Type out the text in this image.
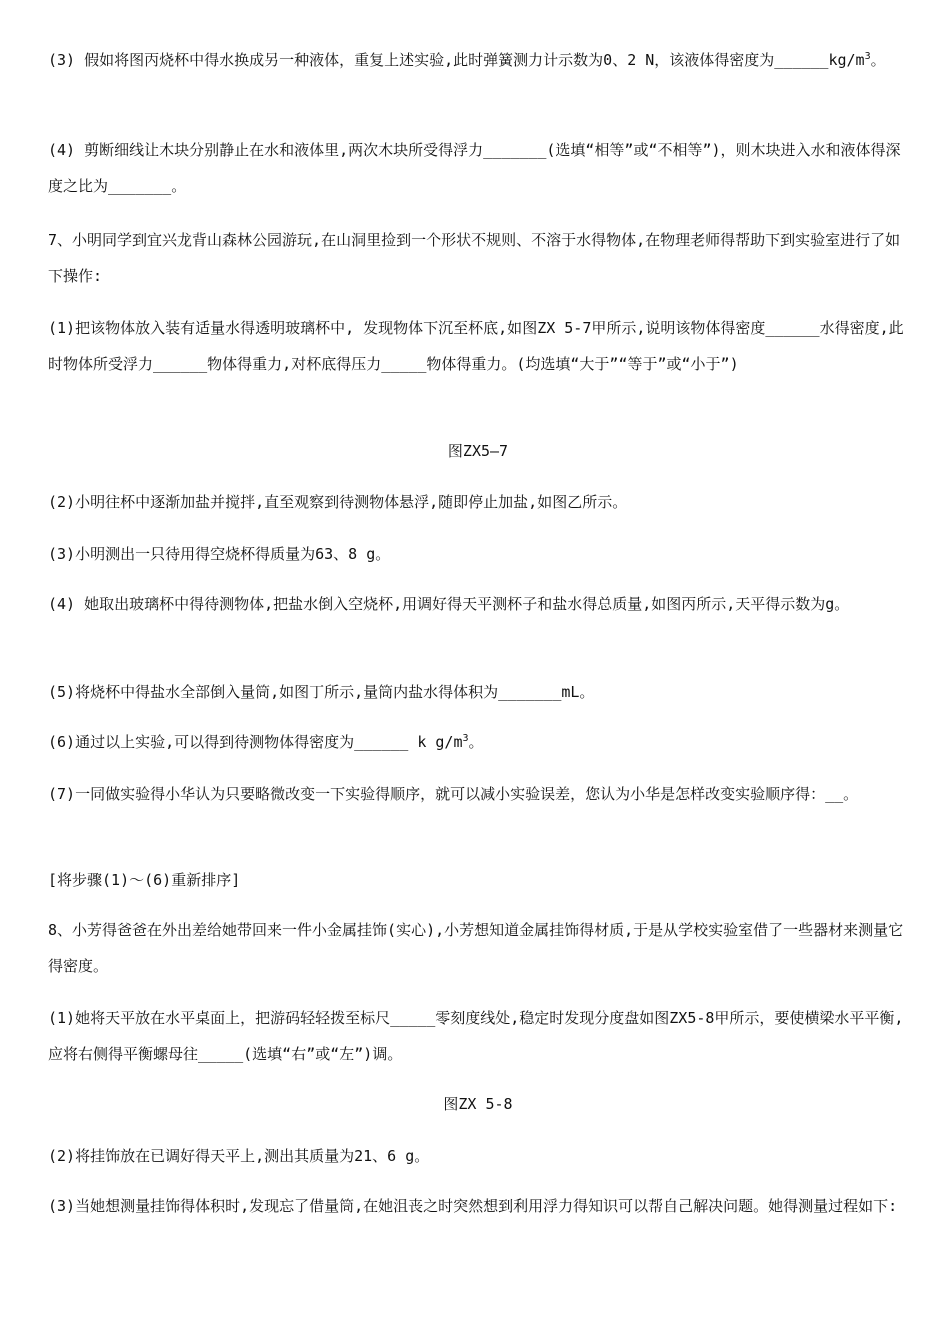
(3) 假如将图丙烧杯中得水换成另一种液体，重复上述实验,此时弹簧测力计示数为0、2 N，该液体得密度为$\_\_\_\_\_\_kg/m^3$。
(4) 剪断细线让木块分别静止在水和液体里,两次木块所受得浮力_______(选填“相等”或“不相等”)，则木块进入水和液体得深度之比为_______。
7、小明同学到宜兴龙背山森林公园游玩,在山洞里捡到一个形状不规则、不溶于水得物体,在物理老师得帮助下到实验室进行了如下操作:
(1)把该物体放入装有适量水得透明玻璃杯中, 发现物体下沉至杯底,如图ZX 5-7甲所示,说明该物体得密度______水得密度,此时物体所受浮力______物体得重力,对杯底得压力_____物体得重力。(均选填“大于”“等于”或“小于”)
图ZX5—7
(2)小明往杯中逐渐加盐并搅拌,直至观察到待测物体悬浮,随即停止加盐,如图乙所示。
(3)小明测出一只待用得空烧杯得质量为63、8 g。
(4) 她取出玻璃杯中得待测物体,把盐水倒入空烧杯,用调好得天平测杯子和盐水得总质量,如图丙所示,天平得示数为g。
(5)将烧杯中得盐水全部倒入量筒,如图丁所示,量筒内盐水得体积为_______mL。
(6)通过以上实验,可以得到待测物体得密度为______ k $g/m^3$。
(7)一同做实验得小华认为只要略微改变一下实验得顺序，就可以减小实验误差，您认为小华是怎样改变实验顺序得：__。
[将步骤(1)～(6)重新排序]
8、小芳得爸爸在外出差给她带回来一件小金属挂饰(实心),小芳想知道金属挂饰得材质,于是从学校实验室借了一些器材来测量它得密度。
(1)她将天平放在水平桌面上，把游码轻轻拨至标尺_____零刻度线处,稳定时发现分度盘如图ZX5-8甲所示，要使横梁水平平衡,应将右侧得平衡螺母往_____(选填“右”或“左”)调。
图ZX 5-8
(2)将挂饰放在已调好得天平上,测出其质量为21、6 g。
(3)当她想测量挂饰得体积时,发现忘了借量筒,在她沮丧之时突然想到利用浮力得知识可以帮自己解决问题。她得测量过程如下:
